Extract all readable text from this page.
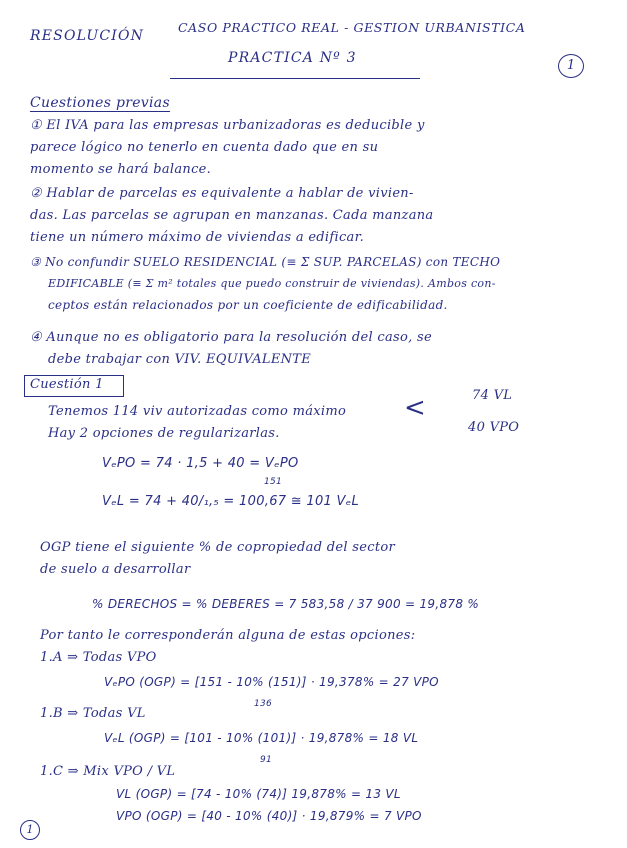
RESOLUCIÓN
CASO PRACTICO REAL - GESTION URBANISTICA
PRACTICA Nº 3	1
Cuestiones previas
① El IVA para las empresas urbanizadoras es deducible y
parece lógico no tenerlo en cuenta dado que en su
momento se hará balance.
② Hablar de parcelas es equivalente a hablar de vivien-
das. Las parcelas se agrupan en manzanas. Cada manzana
tiene un número máximo de viviendas a edificar.
③ No confundir SUELO RESIDENCIAL (≡ Σ SUP. PARCELAS) con TECHO
EDIFICABLE (≡ Σ m² totales que puedo construir de viviendas). Ambos con-
ceptos están relacionados por un coeficiente de edificabilidad.
④ Aunque no es obligatorio para la resolución del caso, se
debe trabajar con VIV. EQUIVALENTE
Cuestión 1
Tenemos 114 viv autorizadas como máximo <	74 VL
40 VPO
Hay 2 opciones de regularizarlas.
VₑPO = 74 · 1,5 + 40 = VₑPO
151
VₑL = 74 + 40/₁,₅ = 100,67 ≅ 101 VₑL
OGP tiene el siguiente % de copropiedad del sector
de suelo a desarrollar
% DERECHOS = % DEBERES = 7 583,58 / 37 900 = 19,878 %
Por tanto le corresponderán alguna de estas opciones:
1.A ⇒ Todas VPO
VₑPO (OGP) = [151 - 10% (151)] · 19,378% = 27 VPO
136
1.B ⇒ Todas VL
VₑL (OGP) = [101 - 10% (101)] · 19,878% = 18 VL
91
1.C ⇒ Mix VPO / VL
VL (OGP) = [74 - 10% (74)] 19,878% = 13 VL
VPO (OGP) = [40 - 10% (40)] · 19,879% = 7 VPO
1
